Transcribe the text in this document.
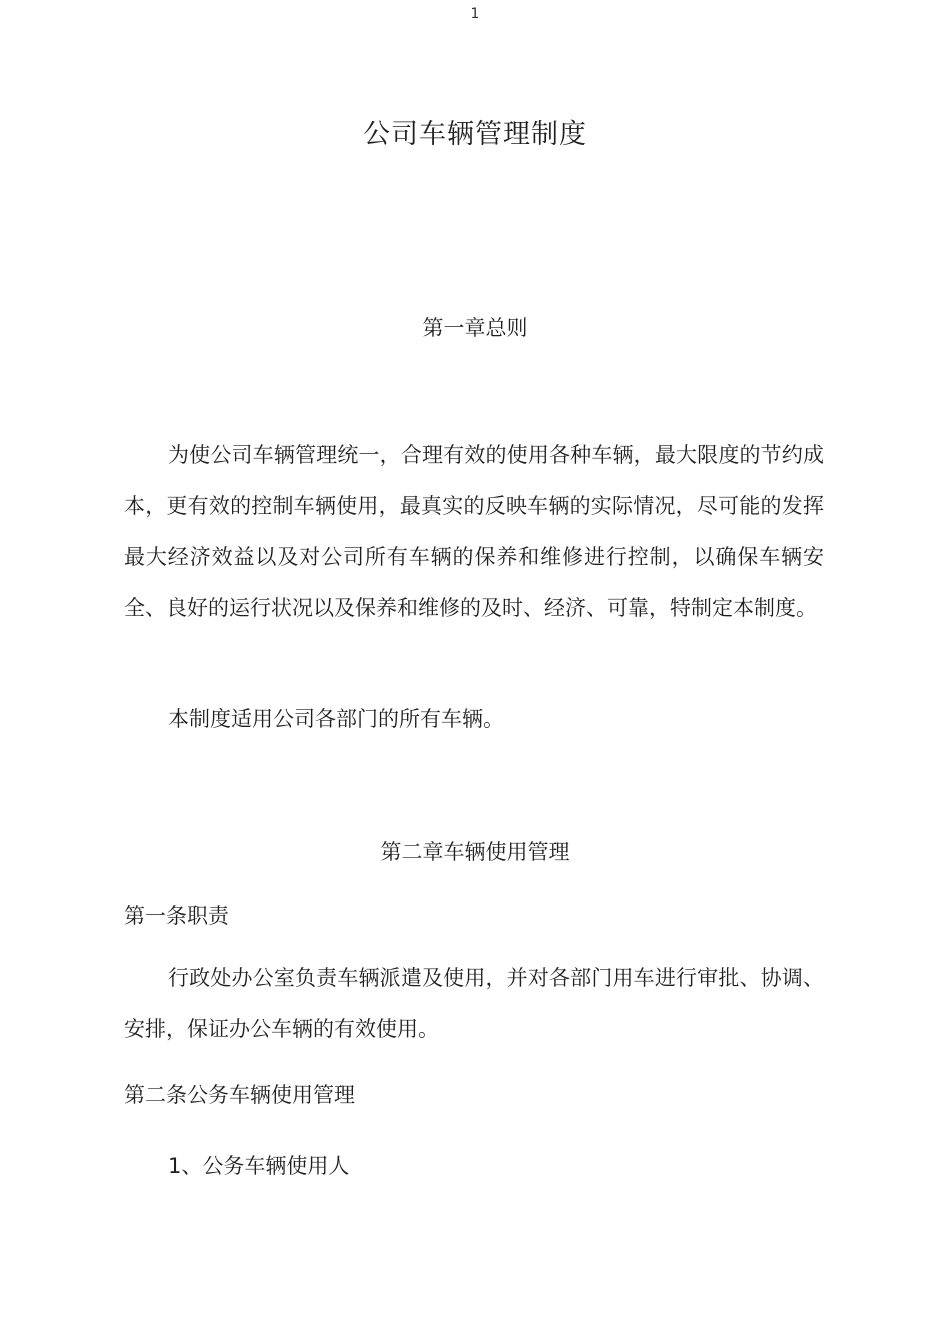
1
公司车辆管理制度
第一章总则

为使公司车辆管理统一，合理有效的使用各种车辆，最大限度的节约成本，更有效的控制车辆使用，最真实的反映车辆的实际情况，尽可能的发挥最大经济效益以及对公司所有车辆的保养和维修进行控制，以确保车辆安全、良好的运行状况以及保养和维修的及时、经济、可靠，特制定本制度。

本制度适用公司各部门的所有车辆。

第二章车辆使用管理
第一条职责

行政处办公室负责车辆派遣及使用，并对各部门用车进行审批、协调、安排，保证办公车辆的有效使用。

第二条公务车辆使用管理
1、公务车辆使用人
